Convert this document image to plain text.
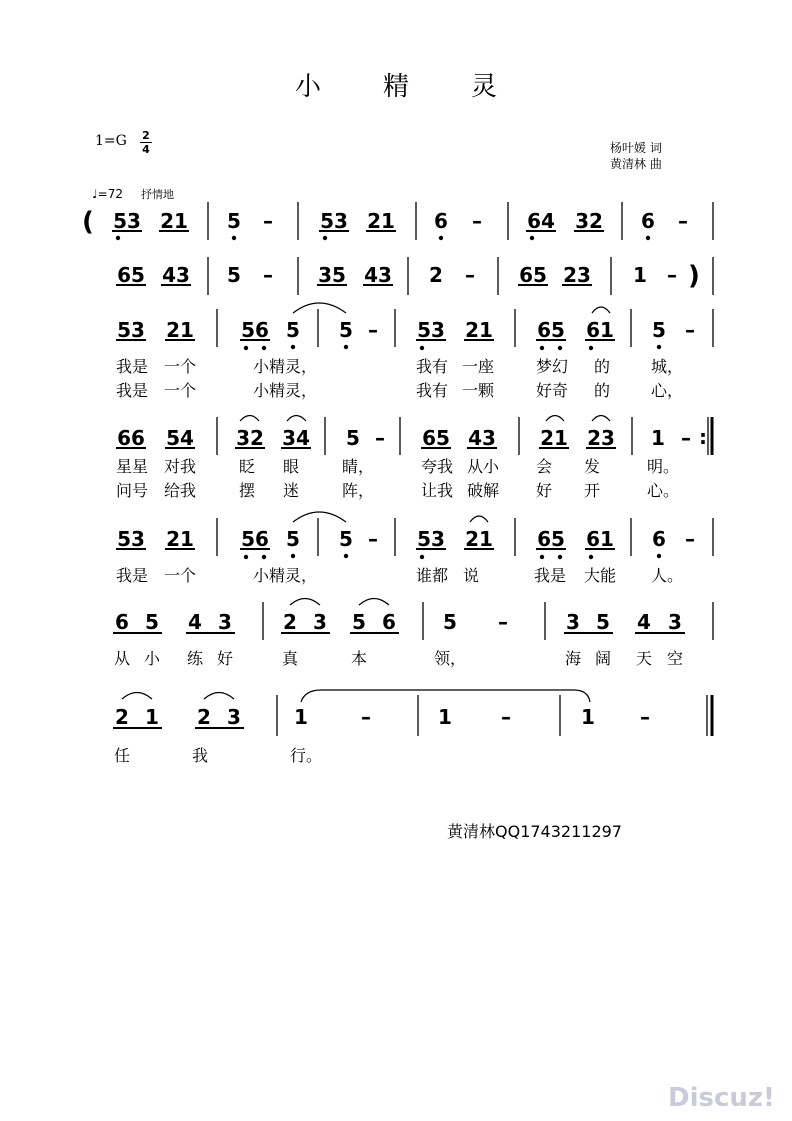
小 精 灵
1=G 2
4	杨叶媛 词
黄清林 曲
♩=72 抒情地
( 53 21 5 – 53 21 6 – 64 32 6 –
65 43 5 – 35 43 2 – 65 23 1 – )
53 21 56 5 5 – 53 21 65 61 5 –
我是 一个	小精灵，	我有 一座	梦幻 的	城，
我是 一个	小精灵，	我有 一颗	好奇 的	心，
66 54 32 34 5 – 65 43 21 23 1 – :
星星 对我	眨 眼	睛，	夸我 从小 会 发	明。
问号 给我	摆 迷	阵，	让我 破解 好 开	心。
53 21 56 5 5 – 53 21 65 61 6 –
我是 一个	小精灵，	谁都 说	我是 大能 人。
6 5 4 3	2 3 5 6 5 –	3 5 4 3
从 小 练 好	真	本	领，	海 阔 天 空
2 1 2 3	1	–	1 –	1 –
任	我	行。
黄清林QQ1743211297
Discuz!
